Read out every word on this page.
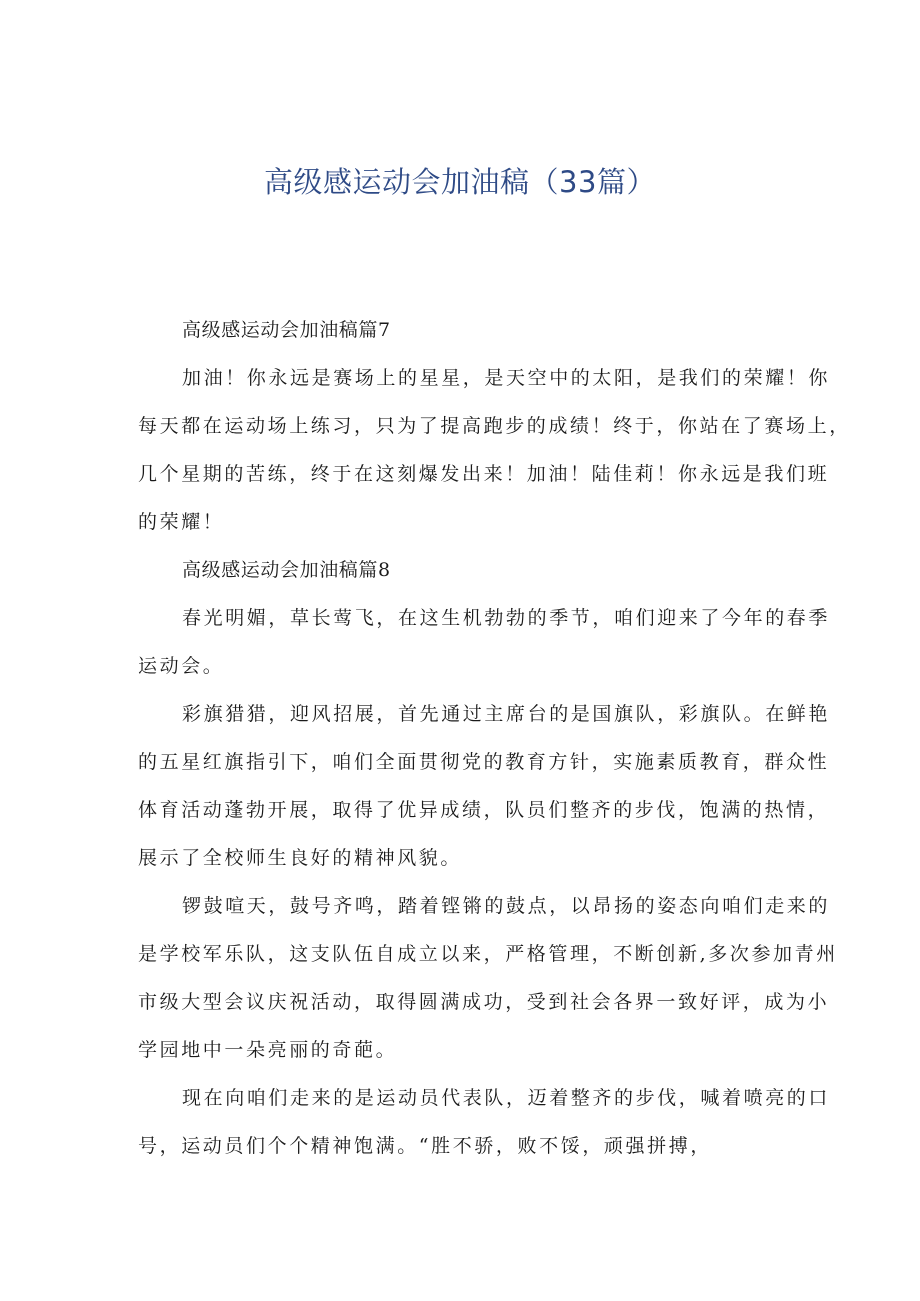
高级感运动会加油稿（33篇）
高级感运动会加油稿篇7
加油！你永远是赛场上的星星，是天空中的太阳，是我们的荣耀！你
每天都在运动场上练习，只为了提高跑步的成绩！终于，你站在了赛场上，
几个星期的苦练，终于在这刻爆发出来！加油！陆佳莉！你永远是我们班
的荣耀！
高级感运动会加油稿篇8
春光明媚，草长莺飞，在这生机勃勃的季节，咱们迎来了今年的春季
运动会。
彩旗猎猎，迎风招展，首先通过主席台的是国旗队，彩旗队。在鲜艳
的五星红旗指引下，咱们全面贯彻党的教育方针，实施素质教育，群众性
体育活动蓬勃开展，取得了优异成绩，队员们整齐的步伐，饱满的热情，
展示了全校师生良好的精神风貌。
锣鼓喧天，鼓号齐鸣，踏着铿锵的鼓点，以昂扬的姿态向咱们走来的
是学校军乐队，这支队伍自成立以来，严格管理，不断创新,多次参加青州
市级大型会议庆祝活动，取得圆满成功，受到社会各界一致好评，成为小
学园地中一朵亮丽的奇葩。
现在向咱们走来的是运动员代表队，迈着整齐的步伐，喊着喷亮的口
号，运动员们个个精神饱满。“胜不骄，败不馁，顽强拼搏，
